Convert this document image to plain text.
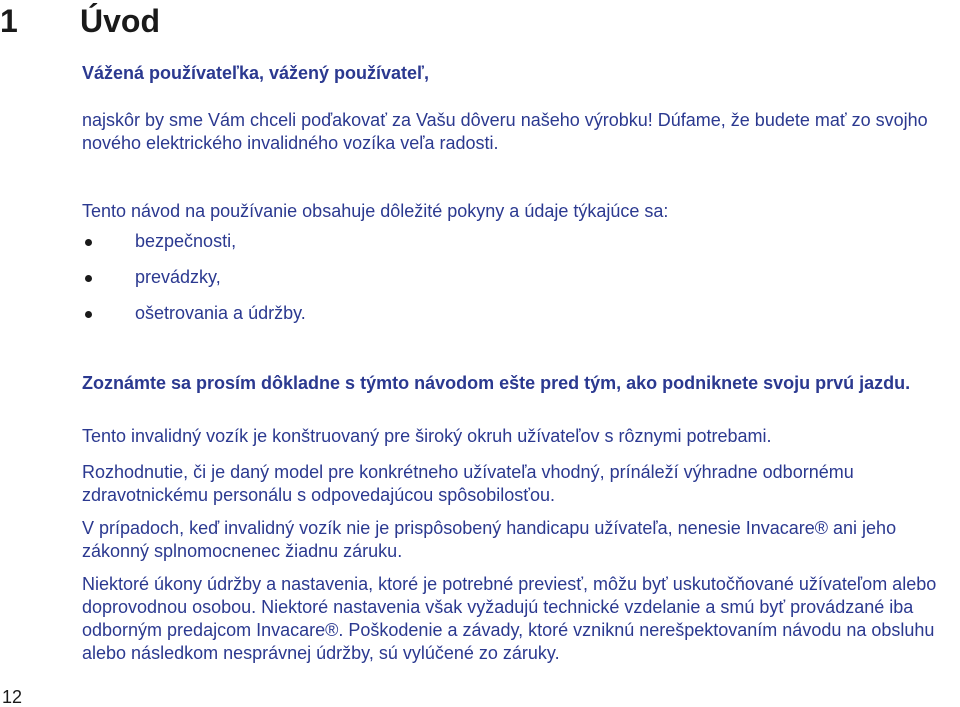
1 Úvod
Vážená používateľka, vážený používateľ,

najskôr by sme Vám chceli poďakovať za Vašu dôveru našeho výrobku! Dúfame, že budete mať zo svojho nového elektrického invalidného vozíka veľa radosti.

Tento návod na používanie obsahuje dôležité pokyny a údaje týkajúce sa:
bezpečnosti,
prevádzky,
ošetrovania a údržby.

Zoznámte sa prosím dôkladne s týmto návodom ešte pred tým, ako podniknete svoju prvú jazdu.

Tento invalidný vozík je konštruovaný pre široký okruh užívateľov s rôznymi potrebami.

Rozhodnutie, či je daný model pre konkrétneho užívateľa vhodný, prínáleží výhradne odbornému zdravotnickému personálu s odpovedajúcou spôsobilosťou.

V prípadoch, keď invalidný vozík nie je prispôsobený handicapu užívateľa, nenesie Invacare® ani jeho zákonný splnomocnenec žiadnu záruku.

Niektoré úkony údržby a nastavenia, ktoré je potrebné previesť, môžu byť uskutočňované užívateľom alebo doprovodnou osobou. Niektoré nastavenia však vyžadujú technické vzdelanie a smú byť provádzané iba odborným predajcom Invacare®. Poškodenie a závady, ktoré vzniknú nerešpektovaním návodu na obsluhu alebo následkom nesprávnej údržby, sú vylúčené zo záruky.

12
